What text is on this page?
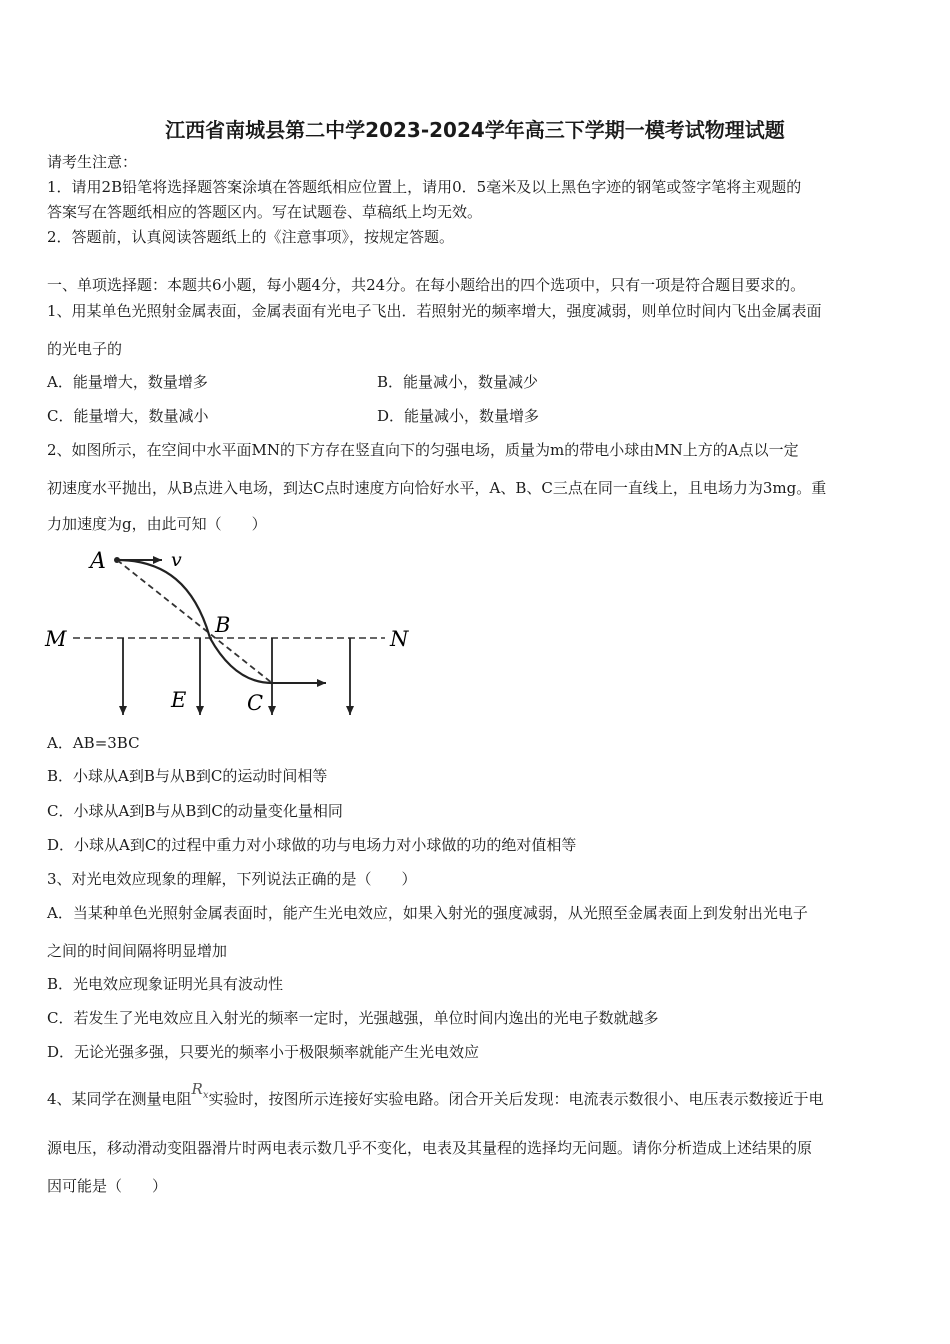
江西省南城县第二中学2023-2024学年高三下学期一模考试物理试题
请考生注意：
1．请用2B铅笔将选择题答案涂填在答题纸相应位置上，请用0．5毫米及以上黑色字迹的钢笔或签字笔将主观题的
答案写在答题纸相应的答题区内。写在试题卷、草稿纸上均无效。
2．答题前，认真阅读答题纸上的《注意事项》，按规定答题。
一、单项选择题：本题共6小题，每小题4分，共24分。在每小题给出的四个选项中，只有一项是符合题目要求的。
1、用某单色光照射金属表面，金属表面有光电子飞出．若照射光的频率增大，强度减弱，则单位时间内飞出金属表面
的光电子的
A．能量增大，数量增多	B．能量减小，数量减少
C．能量增大，数量减小	D．能量减小，数量增多
2、如图所示，在空间中水平面MN的下方存在竖直向下的匀强电场，质量为m的带电小球由MN上方的A点以一定
初速度水平抛出，从B点进入电场，到达C点时速度方向恰好水平，A、B、C三点在同一直线上，且电场力为3mg。重
力加速度为g，由此可知（　　）
A	v
B
M	N
E	C
A．AB=3BC
B．小球从A到B与从B到C的运动时间相等
C．小球从A到B与从B到C的动量变化量相同
D．小球从A到C的过程中重力对小球做的功与电场力对小球做的功的绝对值相等
3、对光电效应现象的理解，下列说法正确的是（　　）
A．当某种单色光照射金属表面时，能产生光电效应，如果入射光的强度减弱，从光照至金属表面上到发射出光电子
之间的时间间隔将明显增加
B．光电效应现象证明光具有波动性
C．若发生了光电效应且入射光的频率一定时，光强越强，单位时间内逸出的光电子数就越多
D．无论光强多强，只要光的频率小于极限频率就能产生光电效应
4、某同学在测量电阻$R_x$实验时，按图所示连接好实验电路。闭合开关后发现：电流表示数很小、电压表示数接近于电
源电压，移动滑动变阻器滑片时两电表示数几乎不变化，电表及其量程的选择均无问题。请你分析造成上述结果的原
因可能是（　　）
